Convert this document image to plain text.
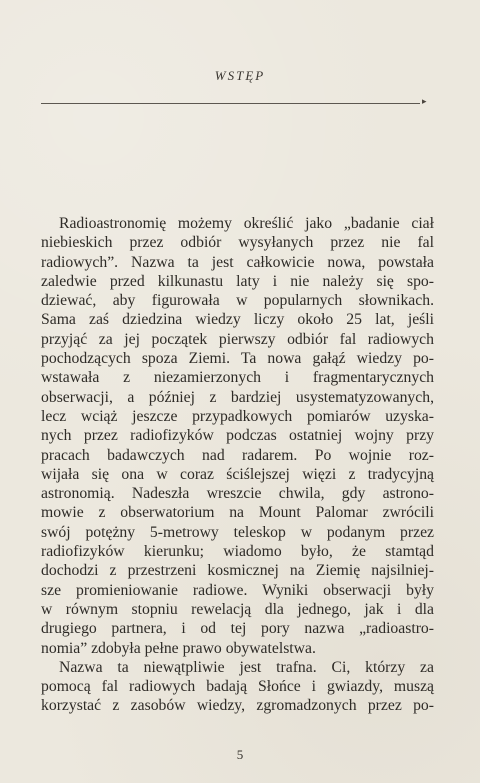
WSTĘP
▸

Radioastronomię możemy określić jako „badanie ciał
niebieskich przez odbiór wysyłanych przez nie fal
radiowych”. Nazwa ta jest całkowicie nowa, powstała
zaledwie przed kilkunastu laty i nie należy się spo-
dziewać, aby figurowała w popularnych słownikach.
Sama zaś dziedzina wiedzy liczy około 25 lat, jeśli
przyjąć za jej początek pierwszy odbiór fal radiowych
pochodzących spoza Ziemi. Ta nowa gałąź wiedzy po-
wstawała z niezamierzonych i fragmentarycznych
obserwacji, a później z bardziej usystematyzowanych,
lecz wciąż jeszcze przypadkowych pomiarów uzyska-
nych przez radiofizyków podczas ostatniej wojny przy
pracach badawczych nad radarem. Po wojnie roz-
wijała się ona w coraz ściślejszej więzi z tradycyjną
astronomią. Nadeszła wreszcie chwila, gdy astrono-
mowie z obserwatorium na Mount Palomar zwrócili
swój potężny 5-metrowy teleskop w podanym przez
radiofizyków kierunku; wiadomo było, że stamtąd
dochodzi z przestrzeni kosmicznej na Ziemię najsilniej-
sze promieniowanie radiowe. Wyniki obserwacji były
w równym stopniu rewelacją dla jednego, jak i dla
drugiego partnera, i od tej pory nazwa „radioastro-
nomia” zdobyła pełne prawo obywatelstwa.

Nazwa ta niewątpliwie jest trafna. Ci, którzy za
pomocą fal radiowych badają Słońce i gwiazdy, muszą
korzystać z zasobów wiedzy, zgromadzonych przez po-

5
